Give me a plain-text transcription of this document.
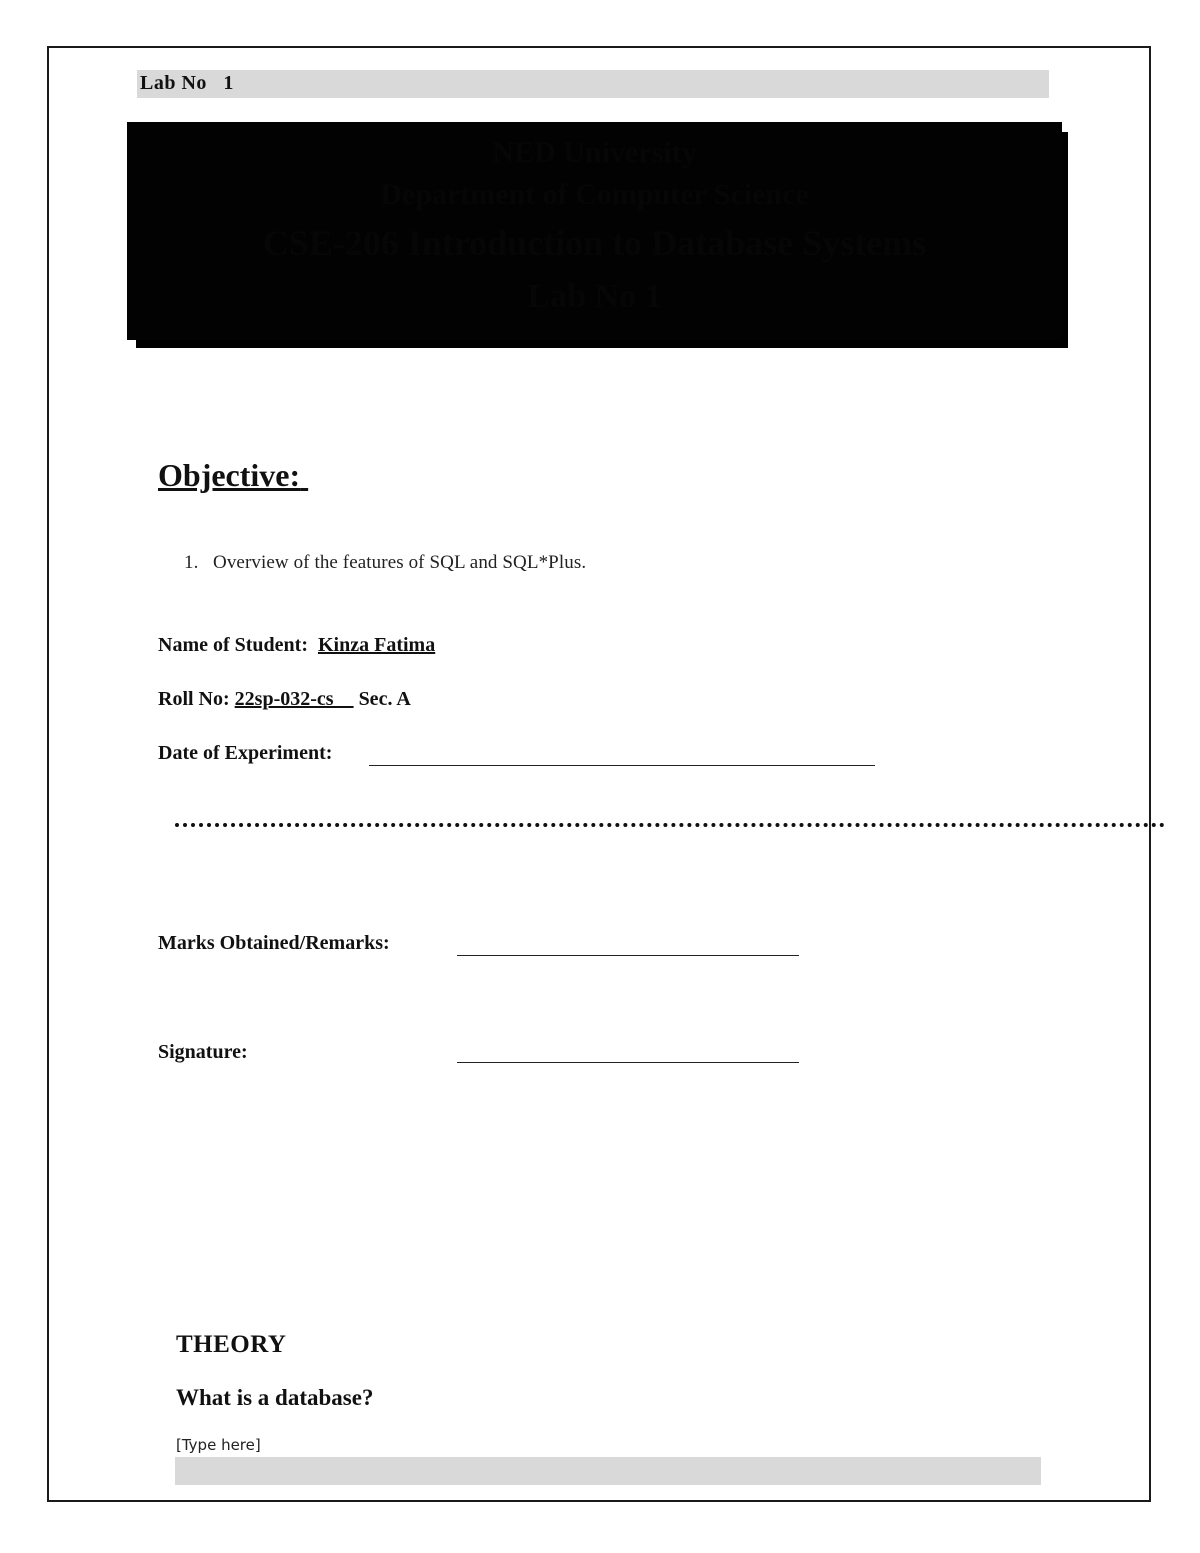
Lab No   1
NED University
Department of Computer Science
CSE-206 Introduction to Database Systems
Lab No 1
Objective:
1.   Overview of the features of SQL and SQL*Plus.
Name of Student:  Kinza Fatima
Roll No: 22sp-032-cs     Sec. A
Date of Experiment:
Marks Obtained/Remarks:
Signature:
THEORY
What is a database?
[Type here]
